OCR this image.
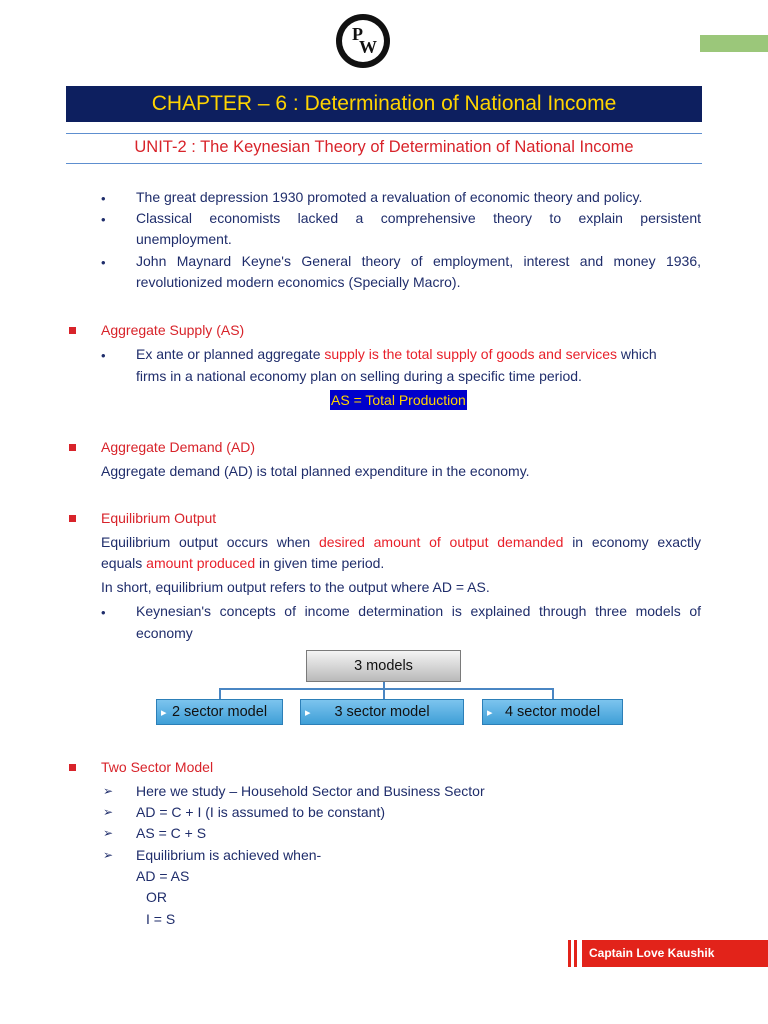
P
W
CHAPTER – 6 : Determination of National Income
UNIT-2 : The Keynesian Theory of Determination of National Income
• The great depression 1930 promoted a revaluation of economic theory and policy.
• Classical economists lacked a comprehensive theory to explain persistent
unemployment.
• John Maynard Keyne's General theory of employment, interest and money 1936,
revolutionized modern economics (Specially Macro).
Aggregate Supply (AS)
• Ex ante or planned aggregate supply is the total supply of goods and services which
firms in a national economy plan on selling during a specific time period.
AS = Total Production
Aggregate Demand (AD)
Aggregate demand (AD) is total planned expenditure in the economy.
Equilibrium Output
Equilibrium output occurs when desired amount of output demanded in economy exactly
equals amount produced in given time period.
In short, equilibrium output refers to the output where AD = AS.
• Keynesian's concepts of income determination is explained through three models of
economy
3 models
▸ 2 sector model	▸ 3 sector model	▸ 4 sector model
Two Sector Model
➢ Here we study – Household Sector and Business Sector
➢ AD = C + I (I is assumed to be constant)
➢ AS = C + S
➢ Equilibrium is achieved when-
AD = AS
OR
I = S
Captain Love Kaushik
